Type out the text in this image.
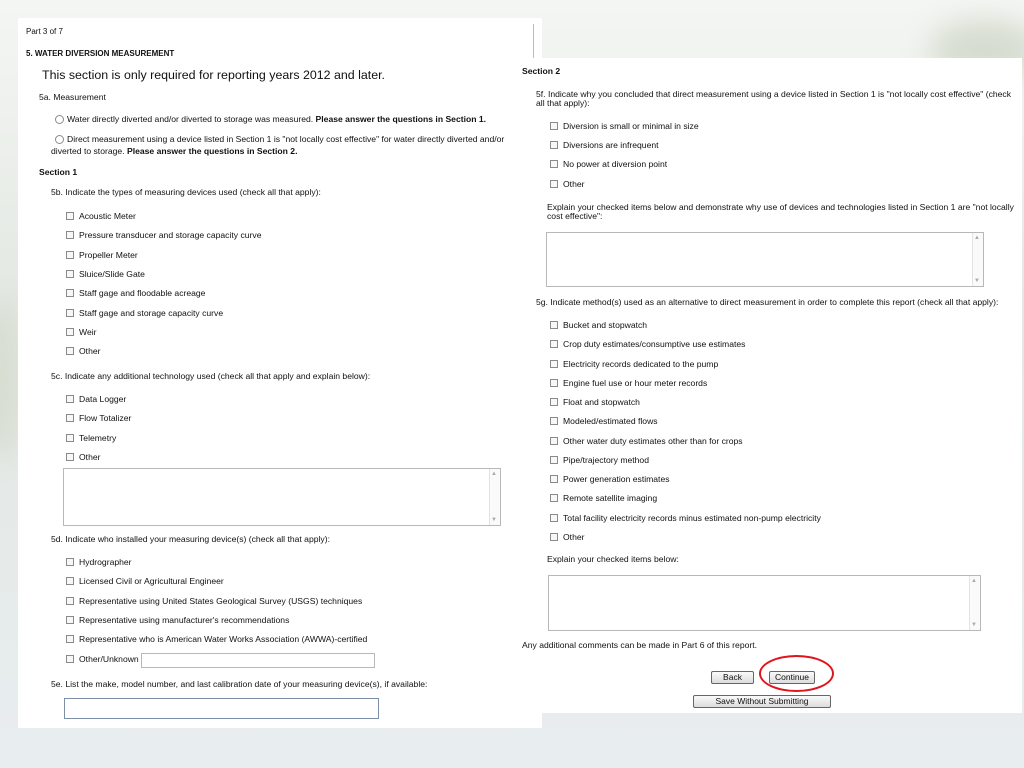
Part 3 of 7
5. WATER DIVERSION MEASUREMENT
This section is only required for reporting years 2012 and later.
5a. Measurement
Water directly diverted and/or diverted to storage was measured. Please answer the questions in Section 1.
Direct measurement using a device listed in Section 1 is "not locally cost effective" for water directly diverted and/or
diverted to storage. Please answer the questions in Section 2.
Section 1
5b. Indicate the types of measuring devices used (check all that apply):
Acoustic Meter
Pressure transducer and storage capacity curve
Propeller Meter
Sluice/Slide Gate
Staff gage and floodable acreage
Staff gage and storage capacity curve
Weir
Other
5c. Indicate any additional technology used (check all that apply and explain below):
Data Logger
Flow Totalizer
Telemetry
Other
▲
▼
5d. Indicate who installed your measuring device(s) (check all that apply):
Hydrographer
Licensed Civil or Agricultural Engineer
Representative using United States Geological Survey (USGS) techniques
Representative using manufacturer's recommendations
Representative who is American Water Works Association (AWWA)-certified
Other/Unknown
5e. List the make, model number, and last calibration date of your measuring device(s), if available:
Section 2
5f. Indicate why you concluded that direct measurement using a device listed in Section 1 is "not locally cost effective" (check
all that apply):
Diversion is small or minimal in size
Diversions are infrequent
No power at diversion point
Other
Explain your checked items below and demonstrate why use of devices and technologies listed in Section 1 are "not locally
cost effective":
▲
▼
5g. Indicate method(s) used as an alternative to direct measurement in order to complete this report (check all that apply):
Bucket and stopwatch
Crop duty estimates/consumptive use estimates
Electricity records dedicated to the pump
Engine fuel use or hour meter records
Float and stopwatch
Modeled/estimated flows
Other water duty estimates other than for crops
Pipe/trajectory method
Power generation estimates
Remote satellite imaging
Total facility electricity records minus estimated non-pump electricity
Other
Explain your checked items below:
▲
▼
Any additional comments can be made in Part 6 of this report.
Back	Continue
Save Without Submitting
